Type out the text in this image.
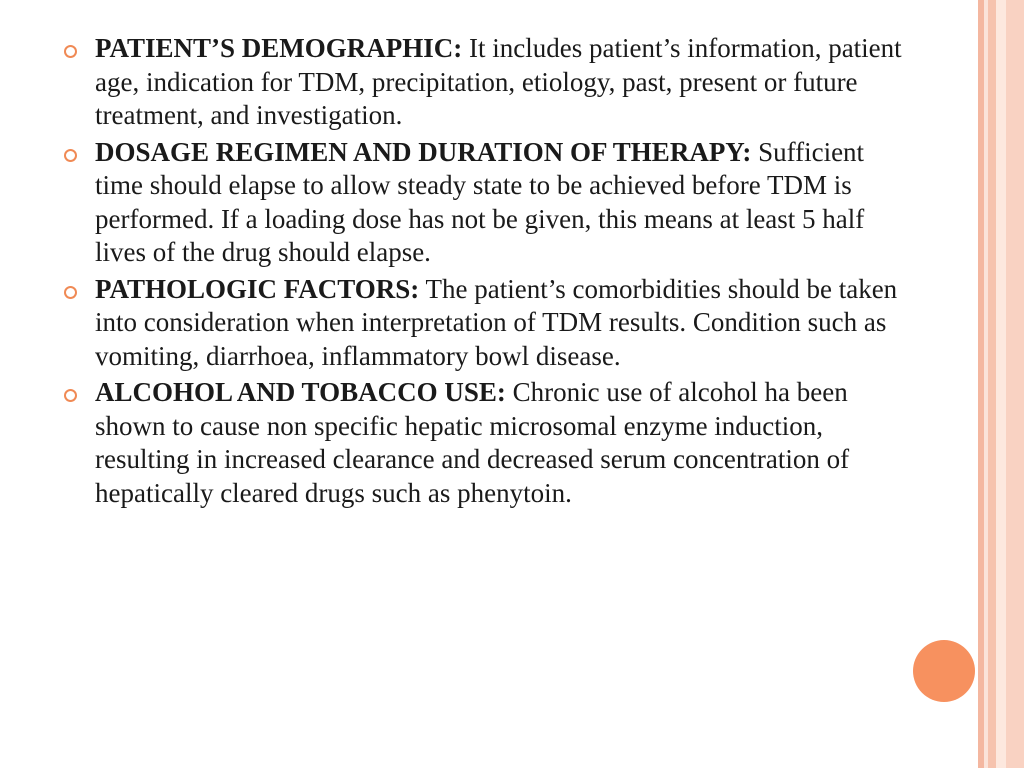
PATIENT’S DEMOGRAPHIC: It includes patient’s information, patient age, indication for TDM, precipitation, etiology, past, present or future treatment, and investigation.
DOSAGE REGIMEN AND DURATION OF THERAPY: Sufficient time should elapse to allow steady state to be achieved before TDM is performed. If a loading dose has not be given, this means at least 5 half lives of the drug should elapse.
PATHOLOGIC FACTORS: The patient’s comorbidities should be taken into consideration when interpretation of TDM results. Condition such as vomiting, diarrhoea, inflammatory bowl disease.
ALCOHOL AND TOBACCO USE: Chronic use of alcohol ha been shown to cause non specific hepatic microsomal enzyme induction, resulting in increased clearance and decreased serum concentration of hepatically cleared drugs such as phenytoin.
